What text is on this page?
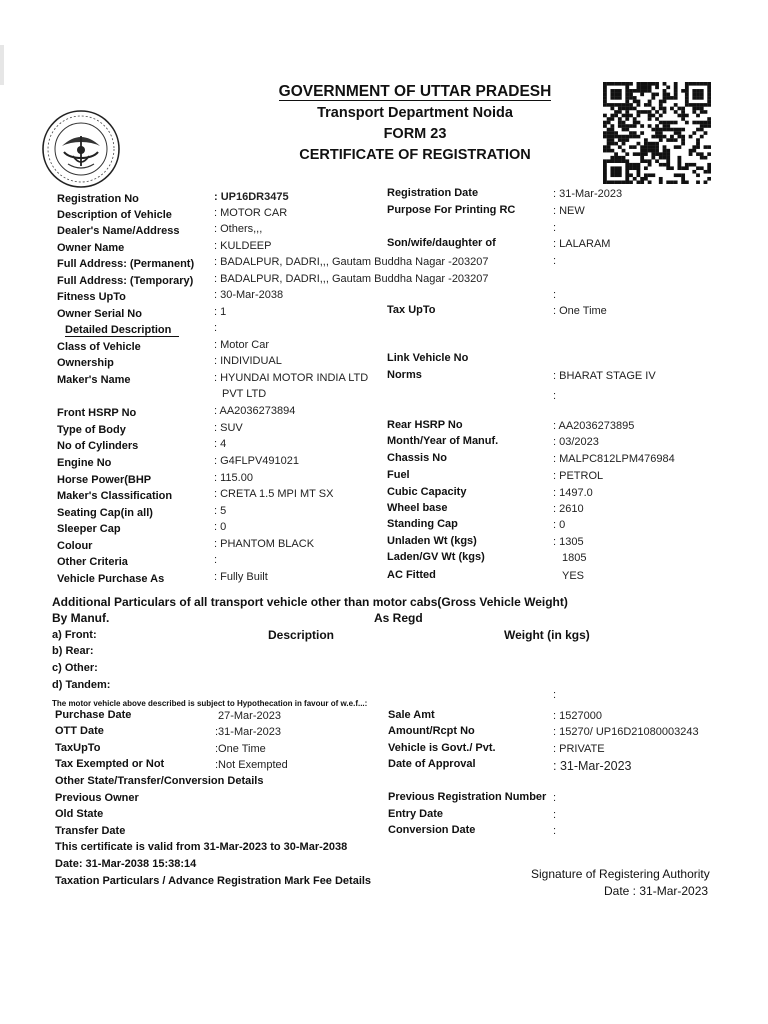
GOVERNMENT OF UTTAR PRADESH
Transport Department Noida
FORM 23
CERTIFICATE OF REGISTRATION
Registration No	: UP16DR3475
Description of Vehicle	: MOTOR CAR
Dealer's Name/Address	: Others,,,
Owner Name	: KULDEEP
Full Address: (Permanent) : BADALPUR, DADRI,,, Gautam Buddha Nagar -203207
Full Address: (Temporary) : BADALPUR, DADRI,,, Gautam Buddha Nagar -203207
Fitness UpTo	: 30-Mar-2038
Owner Serial No	: 1
Detailed Description	:
Class of Vehicle	: Motor Car
Ownership	: INDIVIDUAL
Maker's Name	: HYUNDAI MOTOR INDIA LTD
PVT LTD
Front HSRP No	: AA2036273894
Type of Body	: SUV
No of Cylinders	: 4
Engine No	: G4FLPV491021
Horse Power(BHP	: 115.00
Maker's Classification	: CRETA 1.5 MPI MT SX
Seating Cap(in all)	: 5
Sleeper Cap	: 0
Colour	: PHANTOM BLACK
Other Criteria	:
Vehicle Purchase As	: Fully Built
Registration Date	: 31-Mar-2023
Purpose For Printing RC	: NEW
:
Son/wife/daughter of	: LALARAM
:
:
Tax UpTo	: One Time
Link Vehicle No
Norms	: BHARAT STAGE IV
:
Rear HSRP No	: AA2036273895
Month/Year of Manuf.	: 03/2023
Chassis No	: MALPC812LPM476984
Fuel	: PETROL
Cubic Capacity	: 1497.0
Wheel base	: 2610
Standing Cap	: 0
Unladen Wt (kgs)	: 1305
Laden/GV Wt (kgs)	1805
AC Fitted	YES
Additional Particulars of all transport vehicle other than motor cabs(Gross Vehicle Weight)
By Manuf.	As Regd
Description	Weight (in kgs)
a) Front:
b) Rear:
c) Other:
d) Tandem:
:
The motor vehicle above described is subject to Hypothecation in favour of w.e.f...:
Purchase Date	27-Mar-2023
OTT Date	:31-Mar-2023
TaxUpTo	:One Time
Tax Exempted or Not	:Not Exempted
Other State/Transfer/Conversion Details
Previous Owner
Old State
Transfer Date
Sale Amt	: 1527000
Amount/Rcpt No	: 15270/ UP16D21080003243
Vehicle is Govt./ Pvt.	: PRIVATE
Date of Approval	: 31-Mar-2023
Previous Registration Number :
Entry Date	:
Conversion Date	:
This certificate is valid from 31-Mar-2023 to 30-Mar-2038
Date: 31-Mar-2038 15:38:14
Taxation Particulars / Advance Registration Mark Fee Details	Signature of Registering Authority
Date : 31-Mar-2023
